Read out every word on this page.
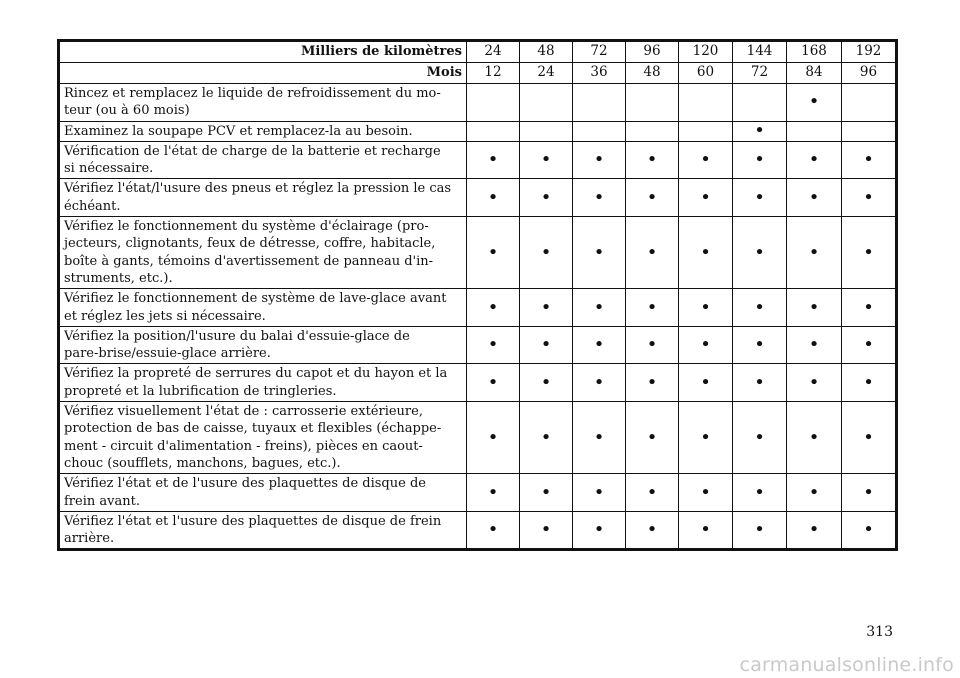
Milliers de kilomètres	24	48	72	96	120	144	168	192
Mois	12	24	36	48	60	72	84	96
Rincez et remplacez le liquide de refroidissement du mo-
teur (ou à 60 mois)							•	
Examinez la soupape PCV et remplacez-la au besoin.						•		
Vérification de l'état de charge de la batterie et recharge
si nécessaire.	•	•	•	•	•	•	•	•
Vérifiez l'état/l'usure des pneus et réglez la pression le cas
échéant.	•	•	•	•	•	•	•	•
Vérifiez le fonctionnement du système d'éclairage (pro-
jecteurs, clignotants, feux de détresse, coffre, habitacle,
boîte à gants, témoins d'avertissement de panneau d'in-
struments, etc.).	•	•	•	•	•	•	•	•
Vérifiez le fonctionnement de système de lave-glace avant
et réglez les jets si nécessaire.	•	•	•	•	•	•	•	•
Vérifiez la position/l'usure du balai d'essuie-glace de
pare-brise/essuie-glace arrière.	•	•	•	•	•	•	•	•
Vérifiez la propreté de serrures du capot et du hayon et la
propreté et la lubrification de tringleries.	•	•	•	•	•	•	•	•
Vérifiez visuellement l'état de : carrosserie extérieure,
protection de bas de caisse, tuyaux et flexibles (échappe-
ment - circuit d'alimentation - freins), pièces en caout-
chouc (soufflets, manchons, bagues, etc.).	•	•	•	•	•	•	•	•
Vérifiez l'état et de l'usure des plaquettes de disque de
frein avant.	•	•	•	•	•	•	•	•
Vérifiez l'état et l'usure des plaquettes de disque de frein
arrière.	•	•	•	•	•	•	•	•
313
carmanualsonline.info
